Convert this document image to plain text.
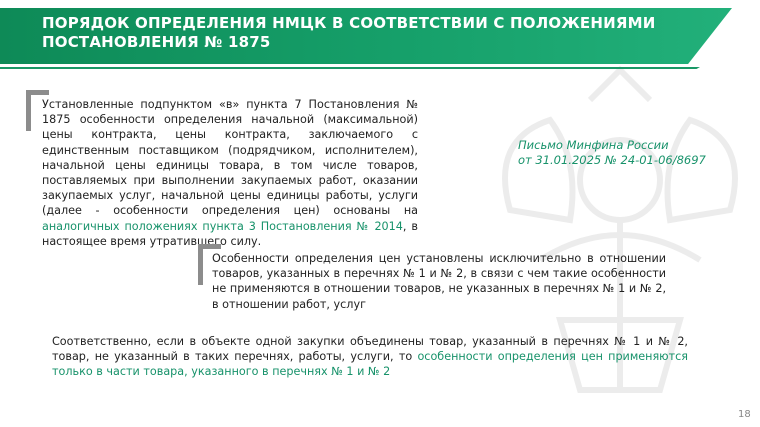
ПОРЯДОК ОПРЕДЕЛЕНИЯ НМЦК В СООТВЕТСТВИИ С ПОЛОЖЕНИЯМИ
ПОСТАНОВЛЕНИЯ № 1875
Установленные подпунктом «в» пункта 7 Постановления № 1875 особенности определения начальной (максимальной) цены контракта, цены контракта, заключаемого с единственным поставщиком (подрядчиком, исполнителем), начальной цены единицы товара, в том числе товаров, поставляемых при выполнении закупаемых работ, оказании закупаемых услуг, начальной цены единицы работы, услуги (далее - особенности определения цен) основаны на аналогичных положениях пункта 3 Постановления № 2014, в настоящее время утратившего силу.
Письмо Минфина России
от 31.01.2025 № 24-01-06/8697
Особенности определения цен установлены исключительно в отношении товаров, указанных в перечнях № 1 и № 2, в связи с чем такие особенности не применяются в отношении товаров, не указанных в перечнях № 1 и № 2, в отношении работ, услуг
Соответственно, если в объекте одной закупки объединены товар, указанный в перечнях № 1 и № 2, товар, не указанный в таких перечнях, работы, услуги, то особенности определения цен применяются только в части товара, указанного в перечнях № 1 и № 2
18
